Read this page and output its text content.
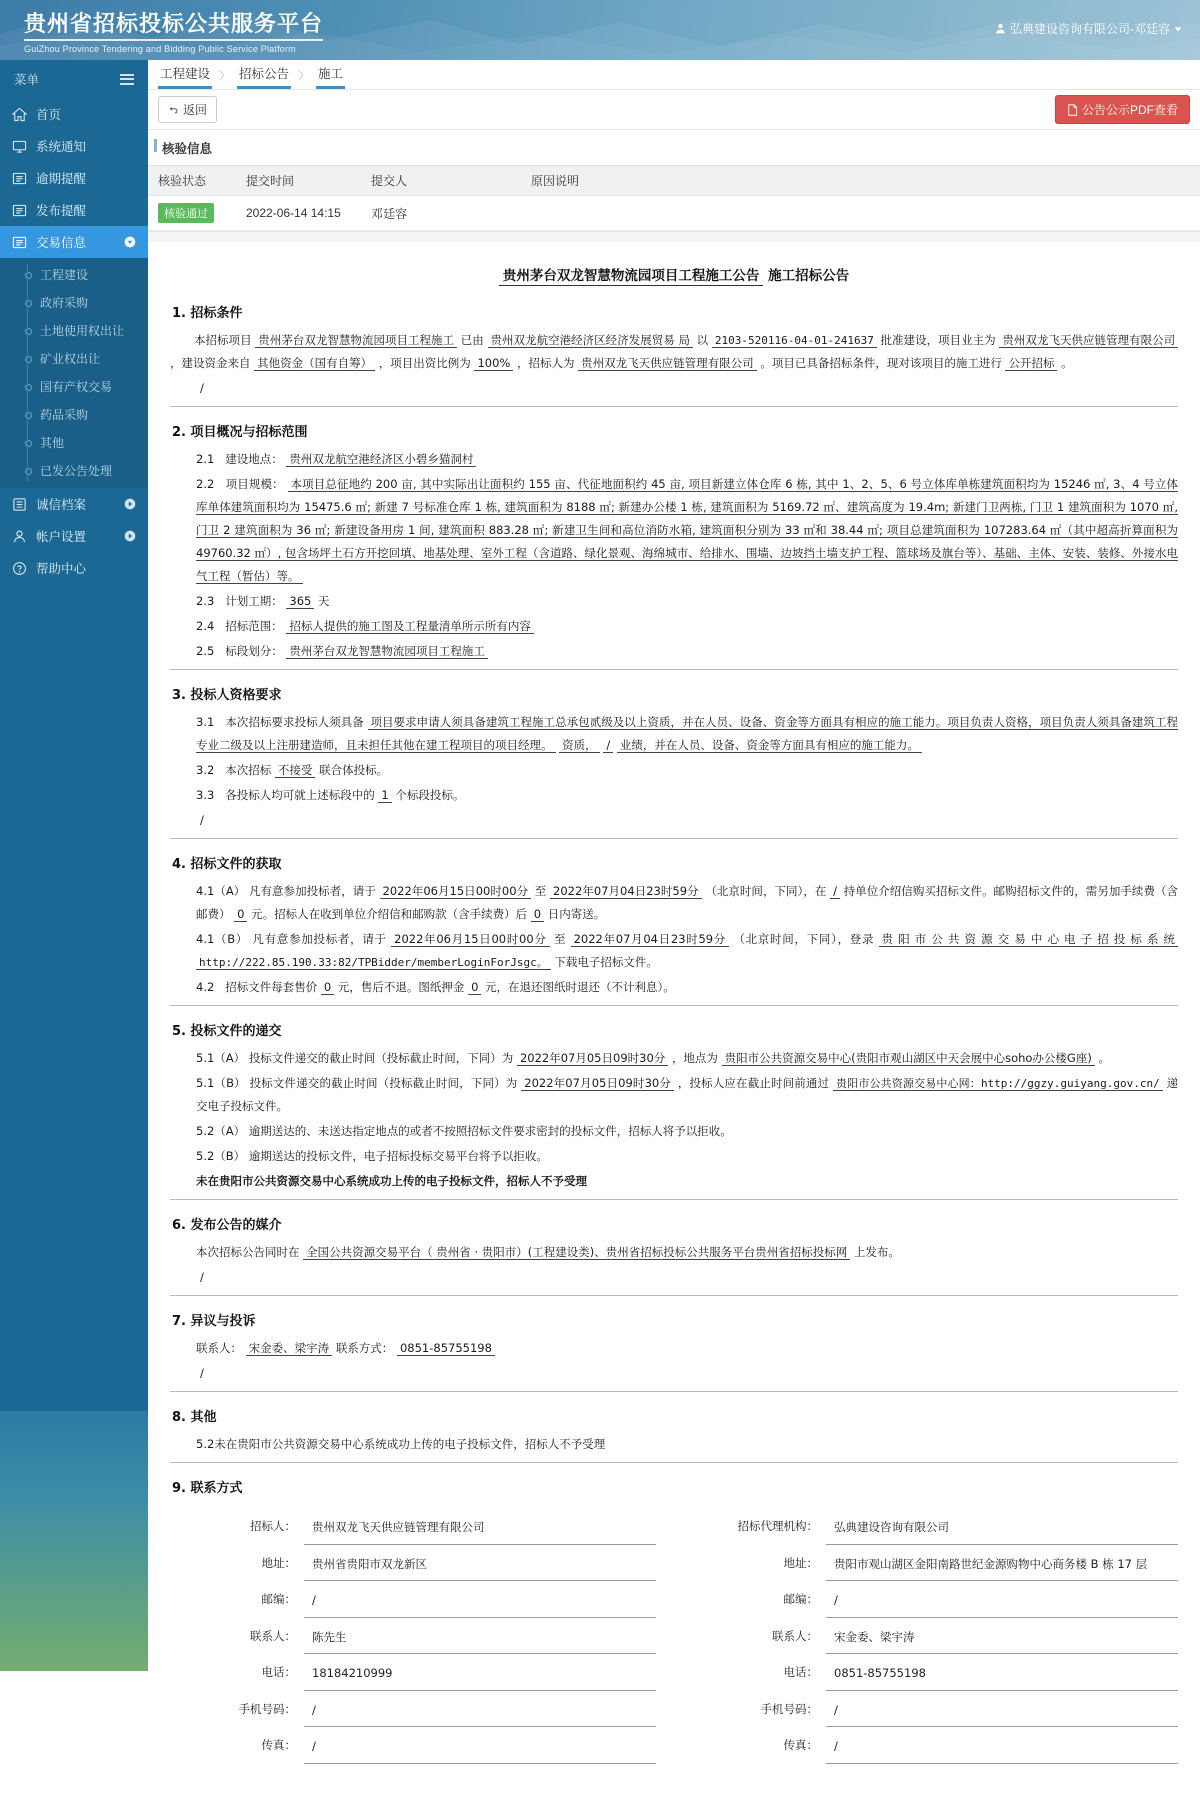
贵州省招标投标公共服务平台
GuiZhou Province Tendering and Bidding Public Service Platform
弘典建设咨询有限公司-邓廷容
菜单
首页
系统通知
逾期提醒
发布提醒
交易信息
工程建设
政府采购
土地使用权出让
矿业权出让
国有产权交易
药品采购
其他
已发公告处理
诚信档案
帐户设置
帮助中心
工程建设 〉 招标公告 〉 施工
返回	公告公示PDF查看
核验信息
核验状态	提交时间	提交人	原因说明
核验通过	2022-06-14 14:15	邓廷容	
贵州茅台双龙智慧物流园项目工程施工公告 施工招标公告
1. 招标条件

本招标项目 贵州茅台双龙智慧物流园项目工程施工 已由 贵州双龙航空港经济区经济发展贸易 局 以 2103-520116-04-01-241637 批准建设，项目业主为 贵州双龙飞天供应链管理有限公司 ，建设资金来自 其他资金（国有自筹） ，项目出资比例为 100% ，招标人为 贵州双龙飞天供应链管理有限公司 。项目已具备招标条件，现对该项目的施工进行 公开招标 。

/
2. 项目概况与招标范围

2.1 建设地点： 贵州双龙航空港经济区小碧乡猫洞村

2.2 项目规模： 本项目总征地约 200 亩, 其中实际出让面积约 155 亩、代征地面积约 45 亩, 项目新建立体仓库 6 栋, 其中 1、2、5、6 号立体库单栋建筑面积均为 15246 ㎡, 3、4 号立体库单体建筑面积均为 15475.6 ㎡; 新建 7 号标准仓库 1 栋, 建筑面积为 8188 ㎡; 新建办公楼 1 栋, 建筑面积为 5169.72 ㎡、建筑高度为 19.4m; 新建门卫两栋, 门卫 1 建筑面积为 1070 ㎡, 门卫 2 建筑面积为 36 ㎡; 新建设备用房 1 间, 建筑面积 883.28 ㎡; 新建卫生间和高位消防水箱, 建筑面积分别为 33 ㎡和 38.44 ㎡; 项目总建筑面积为 107283.64 ㎡（其中超高折算面积为 49760.32 ㎡）, 包含场坪土石方开挖回填、地基处理、室外工程（含道路、绿化景观、海绵城市、给排水、围墙、边坡挡土墙支护工程、篮球场及旗台等）、基础、主体、安装、装修、外接水电气工程（暂估）等。

2.3 计划工期： 365 天

2.4 招标范围： 招标人提供的施工图及工程量清单所示所有内容

2.5 标段划分： 贵州茅台双龙智慧物流园项目工程施工

3. 投标人资格要求

3.1 本次招标要求投标人须具备 项目要求申请人须具备建筑工程施工总承包贰级及以上资质，并在人员、设备、资金等方面具有相应的施工能力。项目负责人资格，项目负责人须具备建筑工程专业二级及以上注册建造师，且未担任其他在建工程项目的项目经理。 资质， / 业绩，并在人员、设备、资金等方面具有相应的施工能力。

3.2 本次招标 不接受 联合体投标。

3.3 各投标人均可就上述标段中的 1 个标段投标。

/
4. 招标文件的获取

4.1（A） 凡有意参加投标者，请于 2022年06月15日00时00分 至 2022年07月04日23时59分 （北京时间，下同），在 / 持单位介绍信购买招标文件。邮购招标文件的，需另加手续费（含邮费） 0 元。招标人在收到单位介绍信和邮购款（含手续费）后 0 日内寄送。

4.1（B） 凡有意参加投标者，请于 2022年06月15日00时00分 至 2022年07月04日23时59分 （北京时间，下同），登录 贵 阳 市 公 共 资 源 交 易 中 心 电 子 招 投 标 系 统http://222.85.190.33:82/TPBidder/memberLoginForJsgc。 下载电子招标文件。

4.2 招标文件每套售价 0 元，售后不退。图纸押金 0 元，在退还图纸时退还（不计利息）。

5. 投标文件的递交

5.1（A） 投标文件递交的截止时间（投标截止时间，下同）为 2022年07月05日09时30分 ，地点为 贵阳市公共资源交易中心(贵阳市观山湖区中天会展中心soho办公楼G座) 。

5.1（B） 投标文件递交的截止时间（投标截止时间，下同）为 2022年07月05日09时30分 ，投标人应在截止时间前通过 贵阳市公共资源交易中心网：http://ggzy.guiyang.gov.cn/ 递交电子投标文件。

5.2（A） 逾期送达的、未送达指定地点的或者不按照招标文件要求密封的投标文件，招标人将予以拒收。

5.2（B） 逾期送达的投标文件，电子招标投标交易平台将予以拒收。

未在贵阳市公共资源交易中心系统成功上传的电子投标文件，招标人不予受理

6. 发布公告的媒介

本次招标公告同时在 全国公共资源交易平台（ 贵州省 · 贵阳市）(工程建设类)、贵州省招标投标公共服务平台贵州省招标投标网 上发布。

/
7. 异议与投诉

联系人： 宋金委、梁宇涛 联系方式： 0851-85755198

/
8. 其他

5.2未在贵阳市公共资源交易中心系统成功上传的电子投标文件，招标人不予受理

9. 联系方式
招标人：	贵州双龙飞天供应链管理有限公司
地址：	贵州省贵阳市双龙新区
邮编：	/
联系人：	陈先生
电话：	18184210999
手机号码：	/
传真：	/
招标代理机构：	弘典建设咨询有限公司
地址：	贵阳市观山湖区金阳南路世纪金源购物中心商务楼 B 栋 17 层
邮编：	/
联系人：	宋金委、梁宇涛
电话：	0851-85755198
手机号码：	/
传真：	/
